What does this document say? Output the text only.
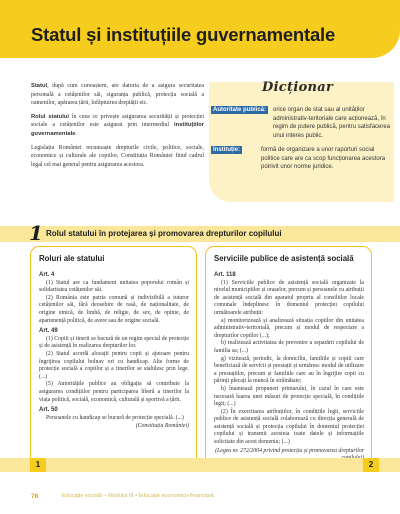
Statul și instituțiile guvernamentale

Statul, după cum cunoaștem, are datoria de a asigura securitatea personală a cetățenilor săi, siguranța publică, protecția socială a oamenilor, apărarea țării, înfăptuirea dreptății etc.

Rolul statului în ceea ce privește asigurarea securității și protecției sociale a cetățenilor este asigurat prin intermediul instituțiilor guvernamentale.

Legislația României recunoaște drepturile civile, politice, sociale, economice și culturale ale copiilor, Constituția României fiind cadrul legal cel mai general pentru asigurarea acestora.

Dicționar
Autoritate publică:	orice organ de stat sau al unităților administrativ-teritoriale care acționează, în regim de putere publică, pentru satisfacerea unui interes public.
Instituție:	formă de organizare a unor raporturi social politice care are ca scop funcționarea acestora potrivit unor norme juridice.
1 Rolul statului în protejarea și promovarea drepturilor copilului
Roluri ale statului

Art. 4

(1) Statul are ca fundament unitatea poporului român și solidaritatea cetățenilor săi.

(2) România este patria comună și indivizibilă a tuturor cetățenilor săi, fără deosebire de rasă, de naționalitate, de origine etnică, de limbă, de religie, de sex, de opinie, de apartenență politică, de avere sau de origine socială.

Art. 49

(1) Copiii și tinerii se bucură de un regim special de protecție și de asistență în realizarea drepturilor lor.

(2) Statul acordă alocații pentru copii și ajutoare pentru îngrijirea copilului bolnav ori cu handicap. Alte forme de protecție socială a copiilor și a tinerilor se stabilesc prin lege. (...)

(5) Autoritățile publice au obligația să contribuie la asigurarea condițiilor pentru participarea liberă a tinerilor la viața politică, socială, economică, culturală și sportivă a țării.

Art. 50

Persoanele cu handicap se bucură de protecție specială. (...)

(Constituția României)

Serviciile publice de asistență socială

Art. 118

(1) Serviciile publice de asistență socială organizate la nivelul municipiilor și orașelor, precum și persoanele cu atribuții de asistență socială din aparatul propriu al consiliilor locale comunale îndeplinesc în domeniul protecției copilului următoarele atribuții:

a) monitorizează și analizează situația copiilor din unitatea administrativ-teritorială, precum și modul de respectare a drepturilor copiilor (...);

b) realizează activitatea de prevenire a separării copilului de familia sa; (...)

g) vizitează, periodic, la domiciliu, familiile și copiii care beneficiază de servicii și prestații și urmăresc modul de utilizare a prestațiilor, precum și familiile care au în îngrijire copii cu părinți plecați la muncă în străinătate;

h) înaintează propuneri primarului, în cazul în care este necesară luarea unei măsuri de protecție specială, în condițiile legii; (...)

(2) În exercitarea atribuțiilor, în condițiile legii, serviciile publice de asistență socială colaborează cu direcția generală de asistență socială și protecția copilului în domeniul protecției copilului și transmit acesteia toate datele și informațiile solicitate din acest domeniu; (...)

(Legea nr. 272/2004 privind protecția și promovarea drepturilor

1	2
76	Educație socială – Modulul III • Educație economico-financiară
